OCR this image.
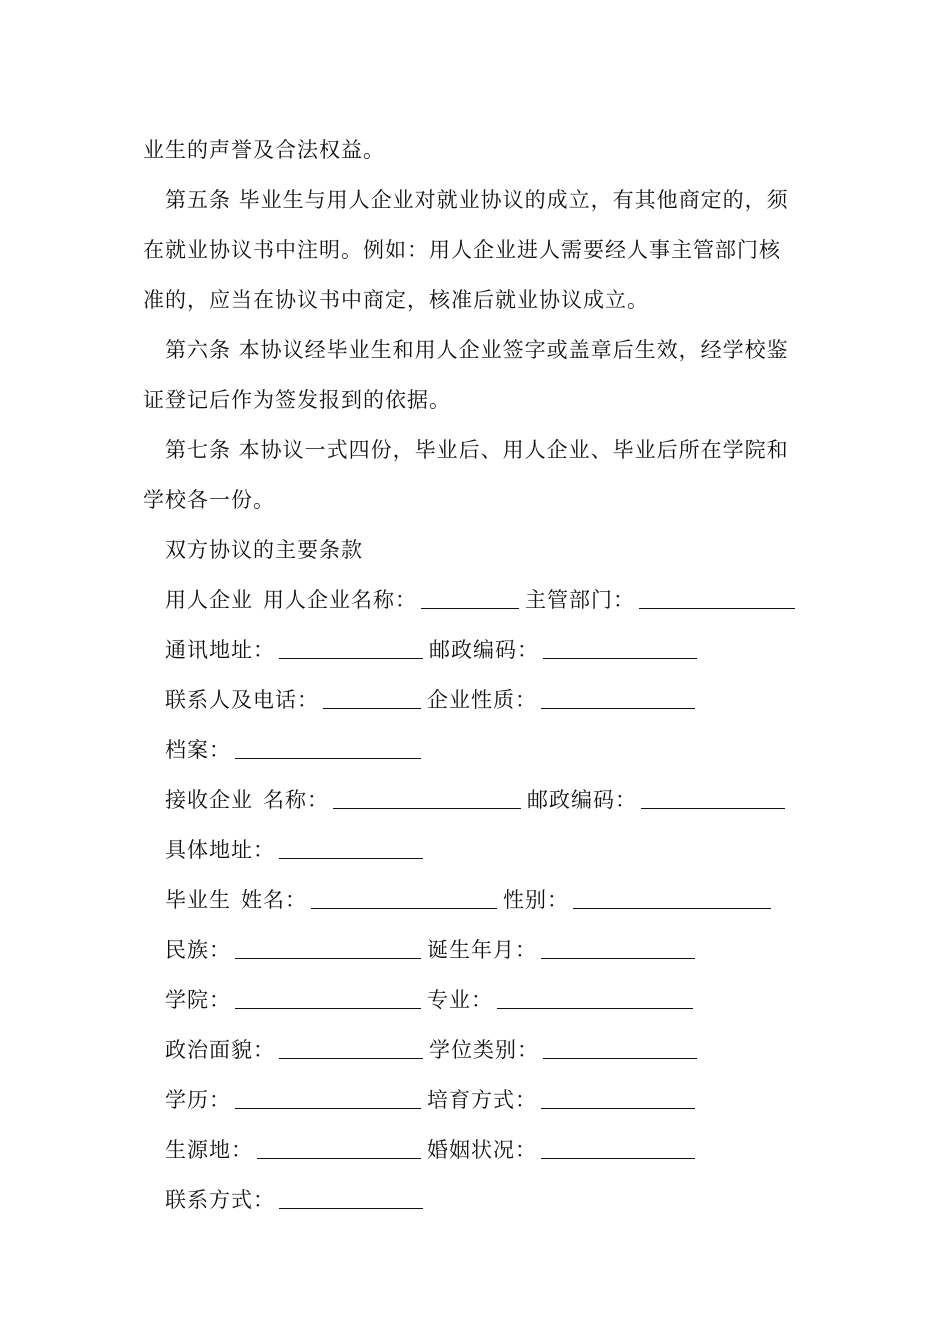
业生的声誉及合法权益。
第五条 毕业生与用人企业对就业协议的成立，有其他商定的，须
在就业协议书中注明。例如：用人企业进人需要经人事主管部门核
准的，应当在协议书中商定，核准后就业协议成立。
第六条 本协议经毕业生和用人企业签字或盖章后生效，经学校鉴
证登记后作为签发报到的依据。
第七条 本协议一式四份，毕业后、用人企业、毕业后所在学院和
学校各一份。
双方协议的主要条款
用人企业 用人企业名称：	主管部门：
通讯地址：	邮政编码：
联系人及电话：	企业性质：
档案：
接收企业 名称：	邮政编码：
具体地址：
毕业生 姓名：	性别：
民族：	诞生年月：
学院：	专业：
政治面貌：	学位类别：
学历：	培育方式：
生源地：	婚姻状况：
联系方式：
